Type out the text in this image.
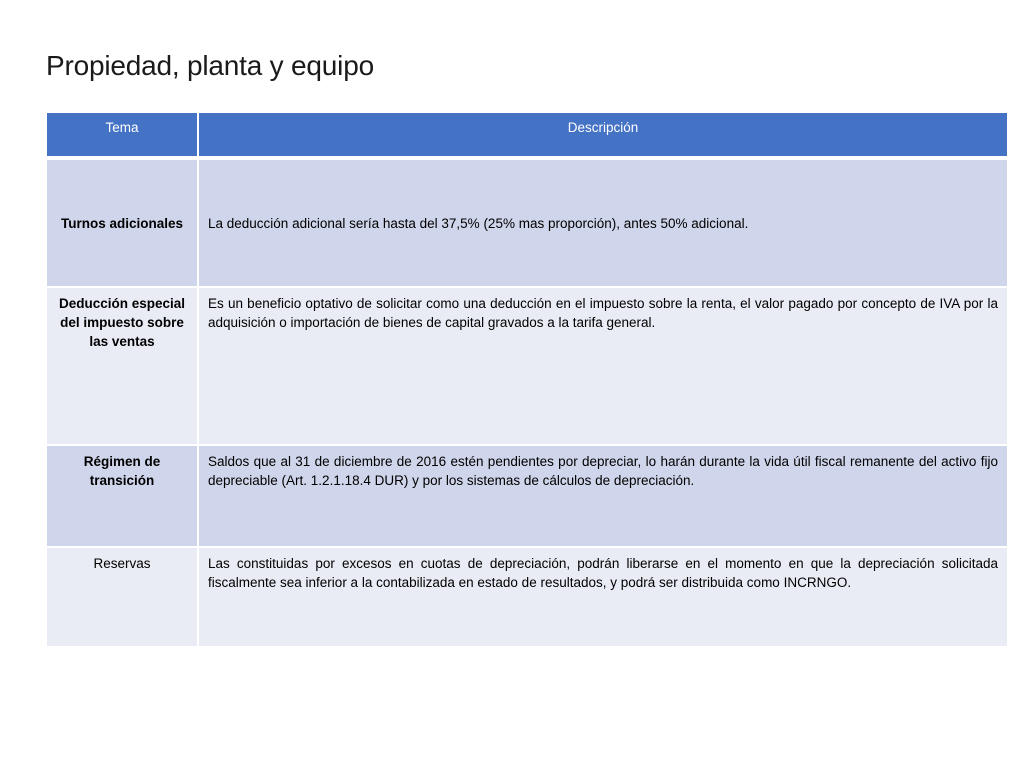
Propiedad, planta y equipo
Tema	Descripción
Turnos adicionales	La deducción adicional sería hasta del 37,5% (25% mas proporción), antes 50% adicional.
Deducción especial del impuesto sobre las ventas	Es un beneficio optativo de solicitar como una deducción en el impuesto sobre la renta, el valor pagado por concepto de IVA por la adquisición o importación de bienes de capital gravados a la tarifa general.
Régimen de transición	Saldos que al 31 de diciembre de 2016 estén pendientes por depreciar, lo harán durante la vida útil fiscal remanente del activo fijo depreciable (Art. 1.2.1.18.4 DUR) y por los sistemas de cálculos de depreciación.
Reservas	Las constituidas por excesos en cuotas de depreciación, podrán liberarse en el momento en que la depreciación solicitada fiscalmente sea inferior a la contabilizada en estado de resultados, y podrá ser distribuida como INCRNGO.
